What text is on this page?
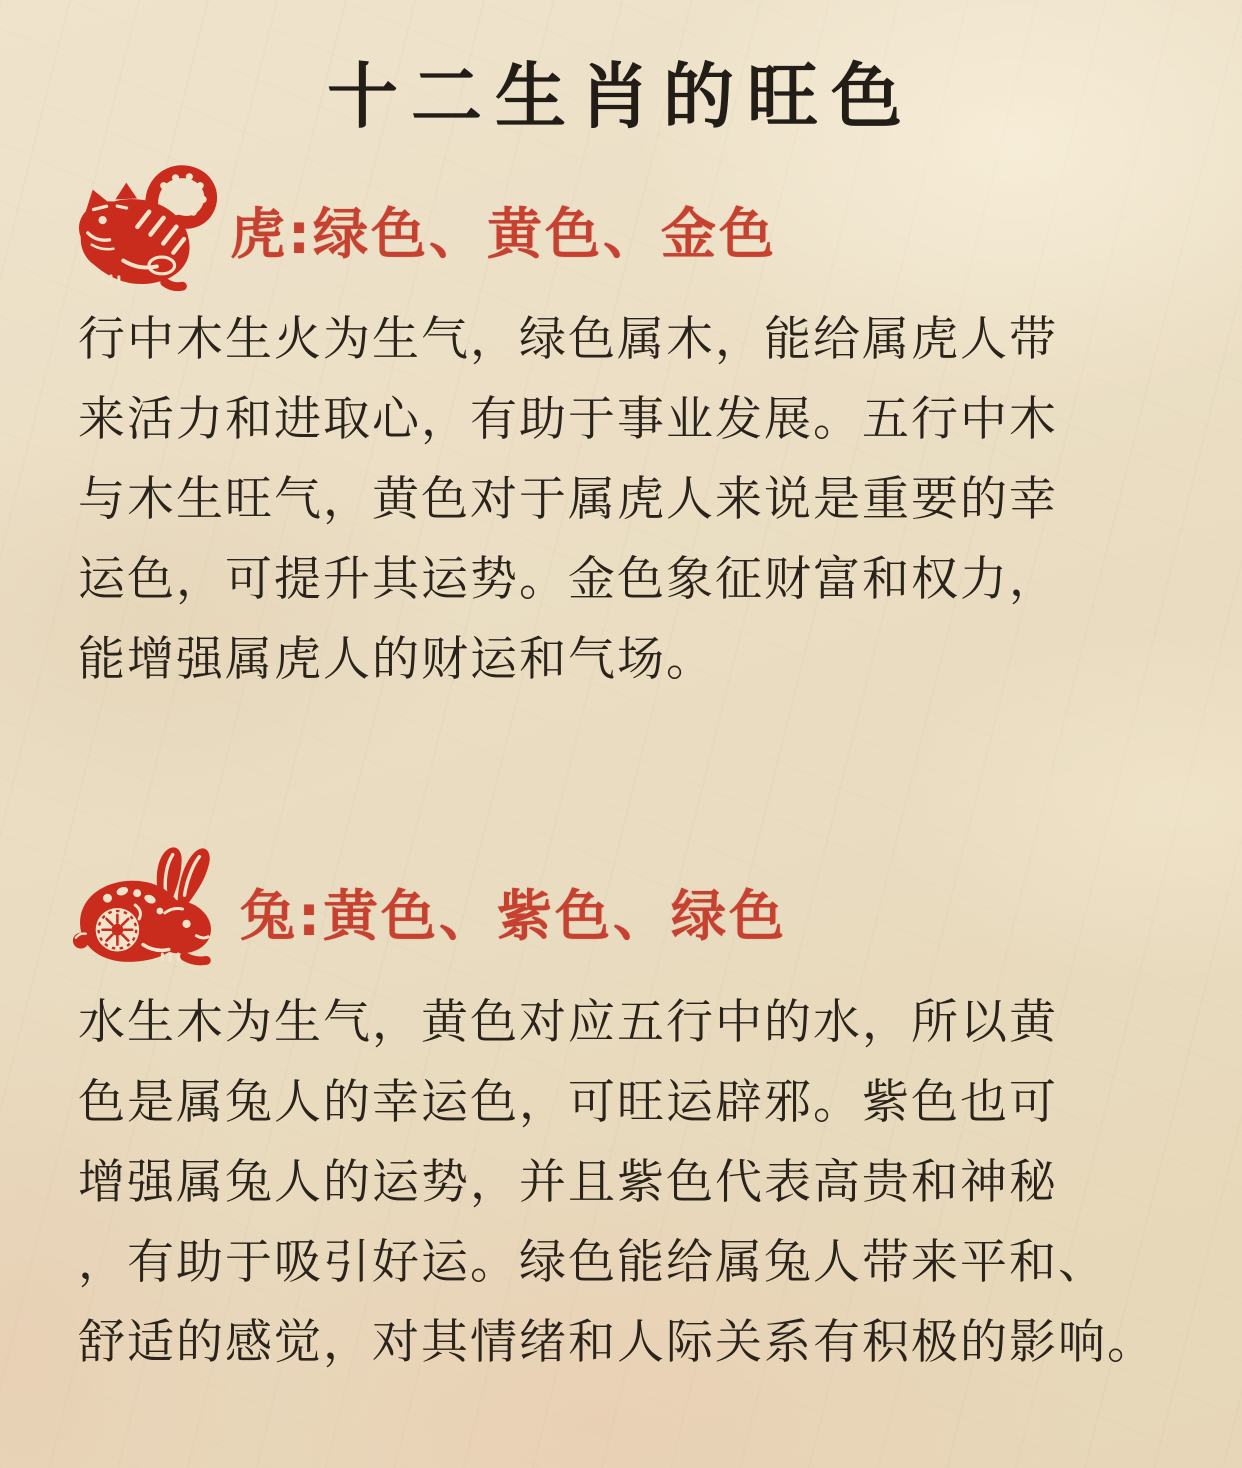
十二生肖的旺色
虎:绿色、黄色、金色
行中木生火为生气，绿色属木，能给属虎人带
来活力和进取心，有助于事业发展。五行中木
与木生旺气，黄色对于属虎人来说是重要的幸
运色，可提升其运势。金色象征财富和权力，
能增强属虎人的财运和气场。
兔:黄色、紫色、绿色
水生木为生气，黄色对应五行中的水，所以黄
色是属兔人的幸运色，可旺运辟邪。紫色也可
增强属兔人的运势，并且紫色代表高贵和神秘
，有助于吸引好运。绿色能给属兔人带来平和、
舒适的感觉，对其情绪和人际关系有积极的影响。
